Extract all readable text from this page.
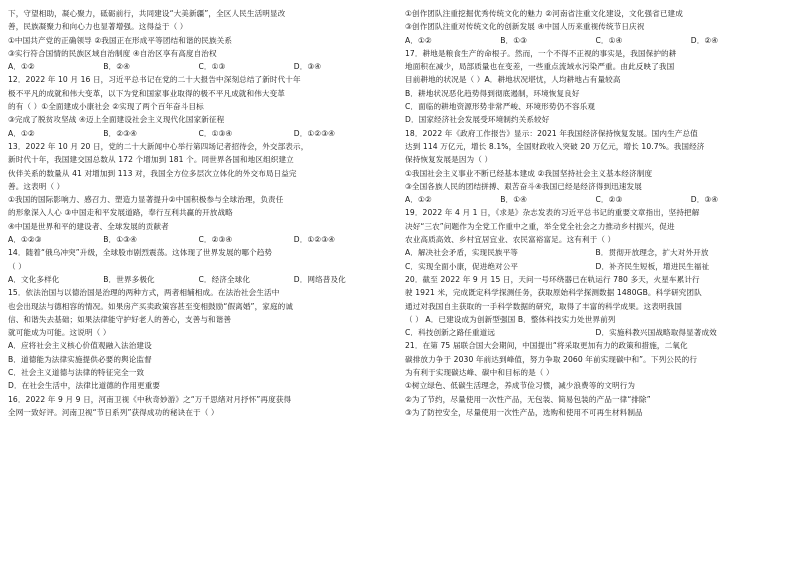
下，守望相助，凝心聚力，砥砺前行，共同建设“大美新疆”，全区人民生活明显改
善，民族凝聚力和向心力也显著增强。这得益于（ ）
①中国共产党的正确领导 ②我国正在形成平等团结和谐的民族关系
③实行符合国情的民族区域自治制度 ④自治区享有高度自治权
A．①②	B．②④	C．①③	D．③④
12．2022 年 10 月 16 日，习近平总书记在党的二十大报告中深刻总结了新时代十年
极不平凡的成就和伟大变革，以下为党和国家事业取得的极不平凡成就和伟大变革
的有（ ）①全面建成小康社会 ②实现了两个百年奋斗目标
③完成了脱贫攻坚战 ④迈上全面建设社会主义现代化国家新征程
A．①②	B．②③④	C．①③④	D．①②③④
13．2022 年 10 月 20 日，党的二十大新闻中心举行第四场记者招待会，外交部表示，
新时代十年，我国建交国总数从 172 个增加到 181 个。同世界各国和地区组织建立
伙伴关系的数量从 41 对增加到 113 对，我国全方位多层次立体化的外交布局日益完
善。这表明（ ）
①我国的国际影响力、感召力、塑造力显著提升②中国积极参与全球治理，负责任
的形象深入人心 ③中国走和平发展道路，奉行互利共赢的开放战略
④中国是世界和平的建设者、全球发展的贡献者
A．①②③	B．①③④	C．②③④	D．①②③④
14．随着“俄乌冲突”升级，全球股市剧烈震荡。这体现了世界发展的哪个趋势
（ ）
A．文化多样化	B．世界多极化	C．经济全球化	D．网络普及化
15．依法治国与以德治国是治理的两种方式，两者相辅相成。在法治社会生活中
也会出现法与德相容的情况。如果房产买卖政策容甚至变相鼓励“假离婚”，家庭的诚
信、和谐失去基础；如果法律能守护好老人的善心，支善与和谐善
就可能成为可能。这说明（ ）
A．应将社会主义核心价值观融入法治建设
B．道德能为法律实施提供必要的舆论监督
C．社会主义道德与法律的特征完全一致
D．在社会生活中，法律比道德的作用更重要
16．2022 年 9 月 9 日，河南卫视《中秋奇妙游》之“万千思绪对月抒怀”再度获得
全网一致好评。河南卫视“节日系列”获得成功的秘诀在于（ ）
①创作团队注重挖掘优秀传统文化的魅力 ②河南省注重文化建设，文化强省已建成
③创作团队注重对传统文化的创新发展 ④中国人历来重视传统节日庆祝
A．①②	B．①③	C．①④	D．②④
17．耕地是粮食生产的命根子。然而，一个不得不正视的事实是，我国保护的耕
地面积在减少，局部质量也在变差，一些重点流域水污染严重。由此反映了我国
目前耕地的状况是（ ）A．耕地状况堪忧，人均耕地占有量较高
B．耕地状况恶化趋势得到彻底遏制，环境恢复良好
C．面临的耕地资源形势非常严峻、环境形势仍不容乐观
D．国家经济社会发展受环境制约关系较好
18．2022 年《政府工作报告》显示：2021 年我国经济保持恢复发展。国内生产总值
达到 114 万亿元，增长 8.1%，全国财政收入突破 20 万亿元，增长 10.7%。我国经济
保持恢复发展是因为（ ）
①我国社会主义事业不断已经基本建成 ②我国坚持社会主义基本经济制度
③全国各族人民的团结拼搏、艰苦奋斗④我国已经是经济得到迅速发展
A．①②	B．①④	C．②③	D．③④
19．2022 年 4 月 1 日，《求是》杂志发表的习近平总书记的重要文章指出，坚持把解
决好“三农”问题作为全党工作重中之重，举全党全社会之力推动乡村振兴，促进
农业高质高效、乡村宜居宜业、农民富裕富足。这有利于（ ）
A．解决社会矛盾，实现民族平等	B．贯彻开放理念，扩大对外开放
C．实现全面小康，促进绝对公平	D．补齐民生短板，增进民生福祉
20．截至 2022 年 9 月 15 日，天问一号环绕器已在轨运行 780 多天，火星车累计行
驶 1921 米，完成既定科学探测任务，获取原始科学探测数据 1480GB。科学研究团队
通过对我国自主获取的一手科学数据的研究，取得了丰富的科学成果。这表明我国
（ ） A．已建设成为创新型强国 B．整体科技实力处世界前列
C．科技创新之路任重道远	D．实施科教兴国战略取得显著成效
21．在第 75 届联合国大会期间，中国提出“将采取更加有力的政策和措施，二氧化
碳排放力争于 2030 年前达到峰值，努力争取 2060 年前实现碳中和”。下列公民的行
为有利于实现碳达峰、碳中和目标的是（ ）
①树立绿色、低碳生活理念，养成节俭习惯，减少浪费等的文明行为
②为了节约，尽量使用一次性产品，无包装、简易包装的产品一律“排除”
③为了防控安全，尽量使用一次性产品，选购和使用不可再生材料制品
